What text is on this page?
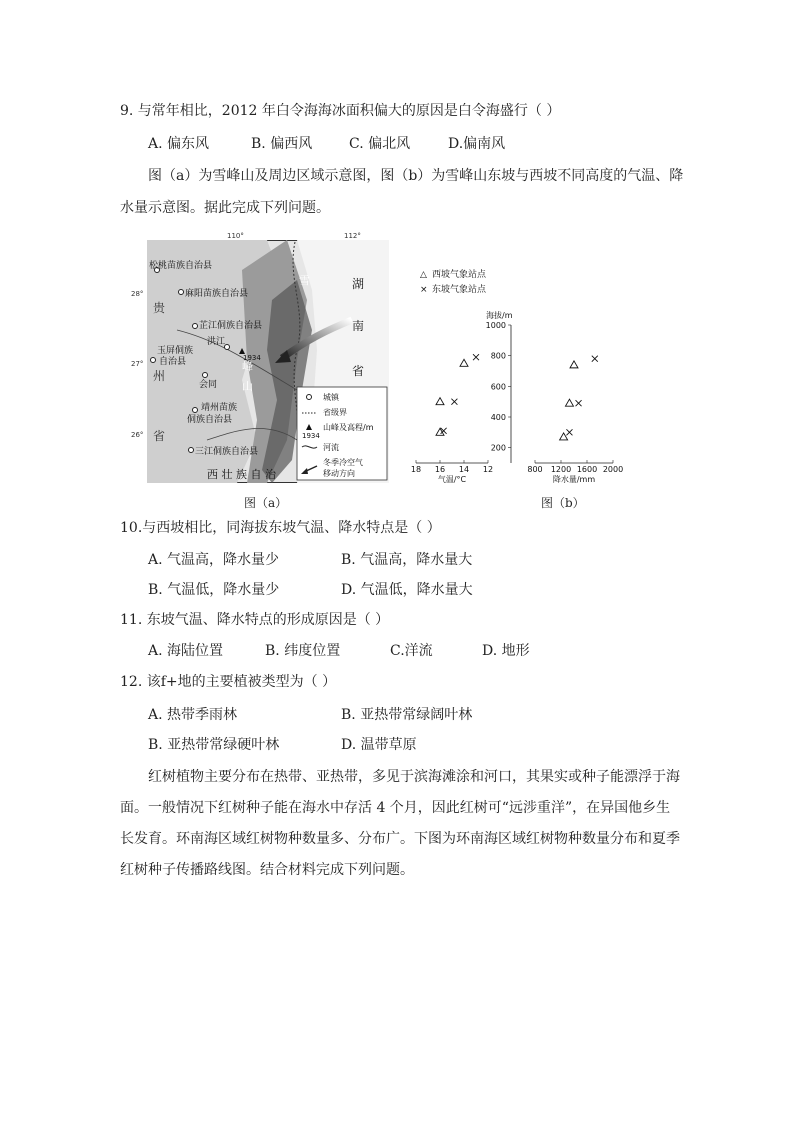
9. 与常年相比，2012 年白令海海冰面积偏大的原因是白令海盛行（ ）
A. 偏东风	B. 偏西风	C. 偏北风	D.偏南风
图（a）为雪峰山及周边区域示意图，图（b）为雪峰山东坡与西坡不同高度的气温、降
水量示意图。据此完成下列问题。
110°	112°
松桃苗族自治县
麻阳苗族自治县
芷江侗族自治县
洪江
玉屏侗族
自治县
会同
靖州苗族
侗族自治县
三江侗族自治县
28°
27°
26°
贵
州
省
湖
南
省
雪
峰
山
1934
西 壮 族 自 治
城镇
省级界
1934
山峰及高程/m
河流
冬季冷空气
移动方向
△ 西坡气象站点
× 东坡气象站点
海拔/m
1000
800
600
400
200
18 16 14 12
气温/°C
800 1200 1600 2000
降水量/mm
图（a）	图（b）
10.与西坡相比，同海拔东坡气温、降水特点是（ ）
A. 气温高，降水量少	B. 气温高，降水量大
B. 气温低，降水量少	D. 气温低，降水量大
11. 东坡气温、降水特点的形成原因是（ ）
A. 海陆位置	B. 纬度位置	C.洋流	D. 地形
12. 该f+地的主要植被类型为（ ）
A. 热带季雨林	B. 亚热带常绿阔叶林
B. 亚热带常绿硬叶林	D. 温带草原
红树植物主要分布在热带、亚热带，多见于滨海滩涂和河口，其果实或种子能漂浮于海
面。一般情况下红树种子能在海水中存活 4 个月，因此红树可“远涉重洋”，在异国他乡生
长发育。环南海区域红树物种数量多、分布广。下图为环南海区域红树物种数量分布和夏季
红树种子传播路线图。结合材料完成下列问题。
